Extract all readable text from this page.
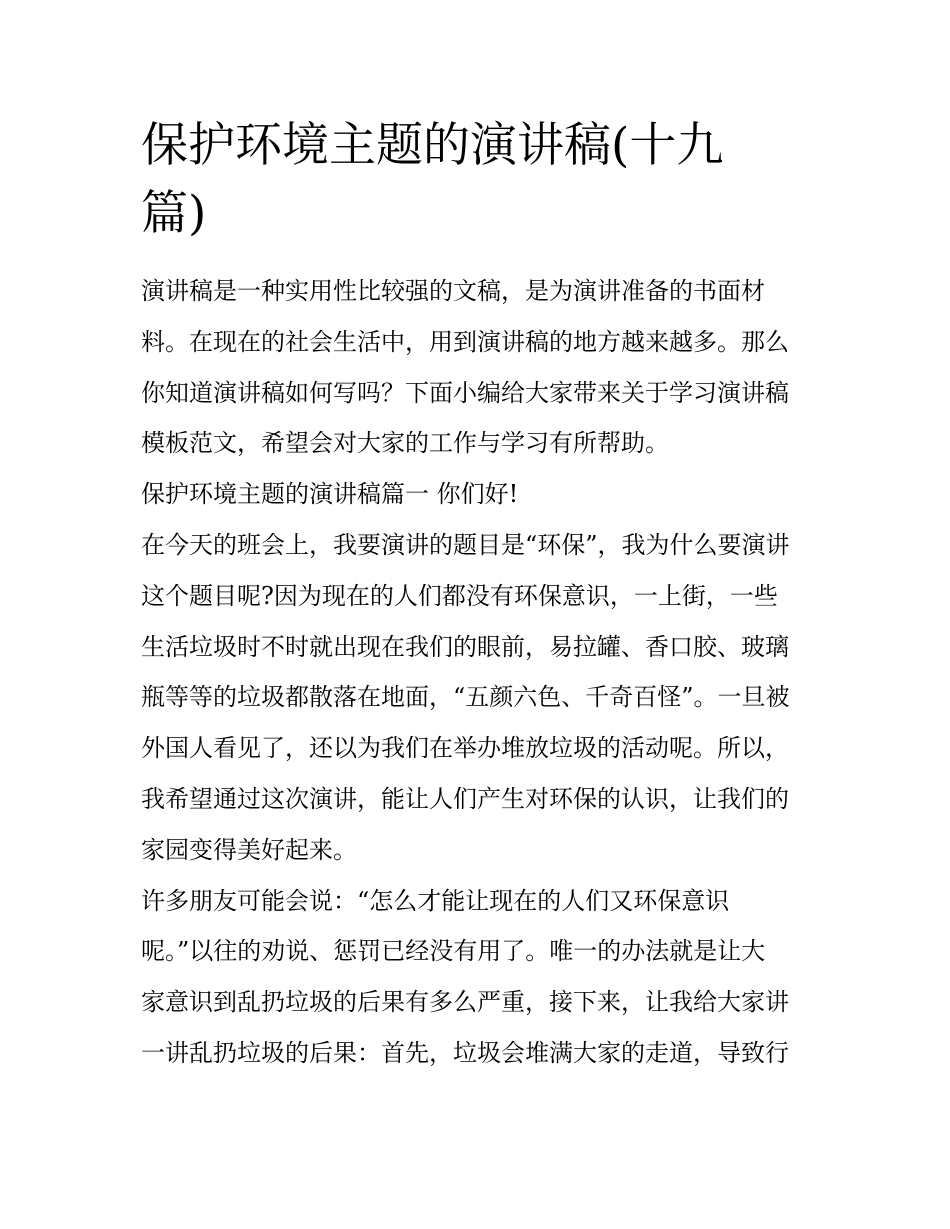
保护环境主题的演讲稿(十九
篇)
演讲稿是一种实用性比较强的文稿，是为演讲准备的书面材
料。在现在的社会生活中，用到演讲稿的地方越来越多。那么
你知道演讲稿如何写吗？下面小编给大家带来关于学习演讲稿
模板范文，希望会对大家的工作与学习有所帮助。
保护环境主题的演讲稿篇一 你们好!
在今天的班会上，我要演讲的题目是“环保”，我为什么要演讲
这个题目呢?因为现在的人们都没有环保意识，一上街，一些
生活垃圾时不时就出现在我们的眼前，易拉罐、香口胶、玻璃
瓶等等的垃圾都散落在地面，“五颜六色、千奇百怪”。一旦被
外国人看见了，还以为我们在举办堆放垃圾的活动呢。所以，
我希望通过这次演讲，能让人们产生对环保的认识，让我们的
家园变得美好起来。
许多朋友可能会说：“怎么才能让现在的人们又环保意识
呢。”以往的劝说、惩罚已经没有用了。唯一的办法就是让大
家意识到乱扔垃圾的后果有多么严重，接下来，让我给大家讲
一讲乱扔垃圾的后果：首先，垃圾会堆满大家的走道，导致行
